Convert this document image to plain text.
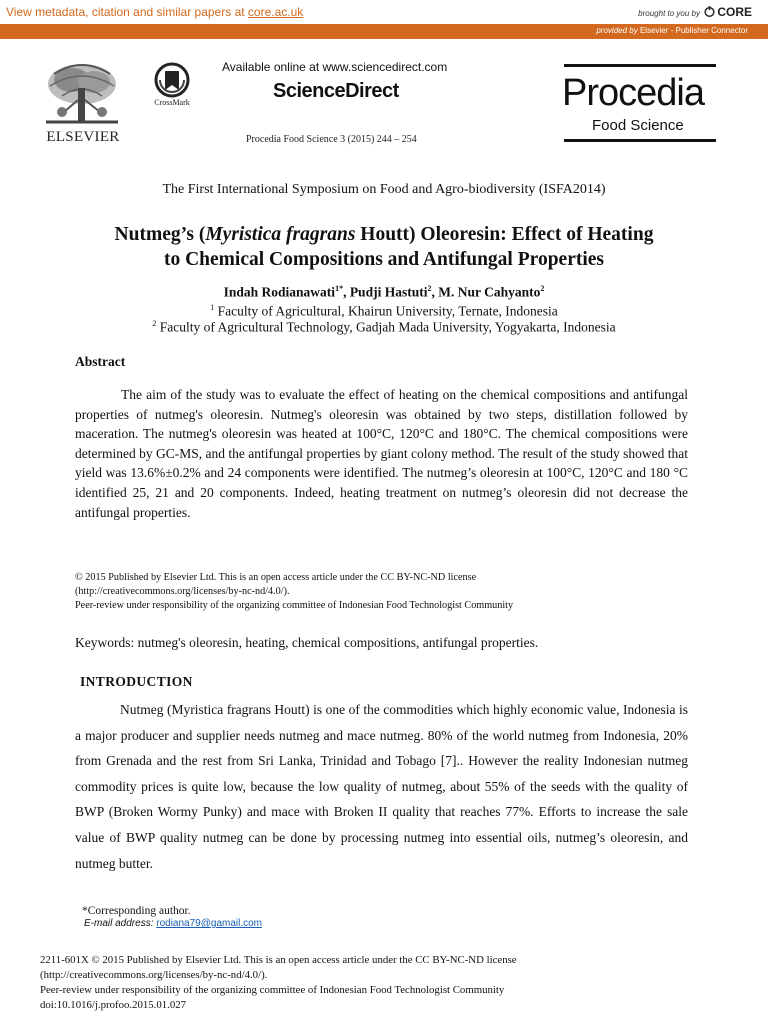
View metadata, citation and similar papers at core.ac.uk	brought to you by	CORE
provided by Elsevier - Publisher Connector
ELSEVIER
CrossMark
Available online at www.sciencedirect.com
ScienceDirect
Procedia Food Science 3 (2015) 244 – 254
Procedia
Food Science
The First International Symposium on Food and Agro-biodiversity (ISFA2014)
Nutmeg’s (Myristica fragrans Houtt) Oleoresin: Effect of Heating
to Chemical Compositions and Antifungal Properties
Indah Rodianawati$^{1*}$, Pudji Hastuti$^2$, M. Nur Cahyanto$^2$
$^1$ Faculty of Agricultural, Khairun University, Ternate, Indonesia
$^2$ Faculty of Agricultural Technology, Gadjah Mada University, Yogyakarta, Indonesia
Abstract
The aim of the study was to evaluate the effect of heating on the chemical compositions and antifungal properties of nutmeg's oleoresin. Nutmeg's oleoresin was obtained by two steps, distillation followed by maceration. The nutmeg's oleoresin was heated at 100°C, 120°C and 180°C. The chemical compositions were determined by GC-MS, and the antifungal properties by giant colony method. The result of the study showed that yield was 13.6%±0.2% and 24 components were identified. The nutmeg’s oleoresin at 100°C, 120°C and 180 °C identified 25, 21 and 20 components. Indeed, heating treatment on nutmeg’s oleoresin did not decrease the antifungal properties.
© 2015 Published by Elsevier Ltd. This is an open access article under the CC BY-NC-ND license
(http://creativecommons.org/licenses/by-nc-nd/4.0/).
Peer-review under responsibility of the organizing committee of Indonesian Food Technologist Community
Keywords: nutmeg's oleoresin, heating, chemical compositions, antifungal properties.
INTRODUCTION
Nutmeg (Myristica fragrans Houtt) is one of the commodities which highly economic value, Indonesia is a major producer and supplier needs nutmeg and mace nutmeg. 80% of the world nutmeg from Indonesia, 20% from Grenada and the rest from Sri Lanka, Trinidad and Tobago [7].. However the reality Indonesian nutmeg commodity prices is quite low, because the low quality of nutmeg, about 55% of the seeds with the quality of BWP (Broken Wormy Punky) and mace with Broken II quality that reaches 77%. Efforts to increase the sale value of BWP quality nutmeg can be done by processing nutmeg into essential oils, nutmeg’s oleoresin, and nutmeg butter.
*Corresponding author.
E-mail address: rodiana79@gamail.com
2211-601X © 2015 Published by Elsevier Ltd. This is an open access article under the CC BY-NC-ND license
(http://creativecommons.org/licenses/by-nc-nd/4.0/).
Peer-review under responsibility of the organizing committee of Indonesian Food Technologist Community
doi:10.1016/j.profoo.2015.01.027
